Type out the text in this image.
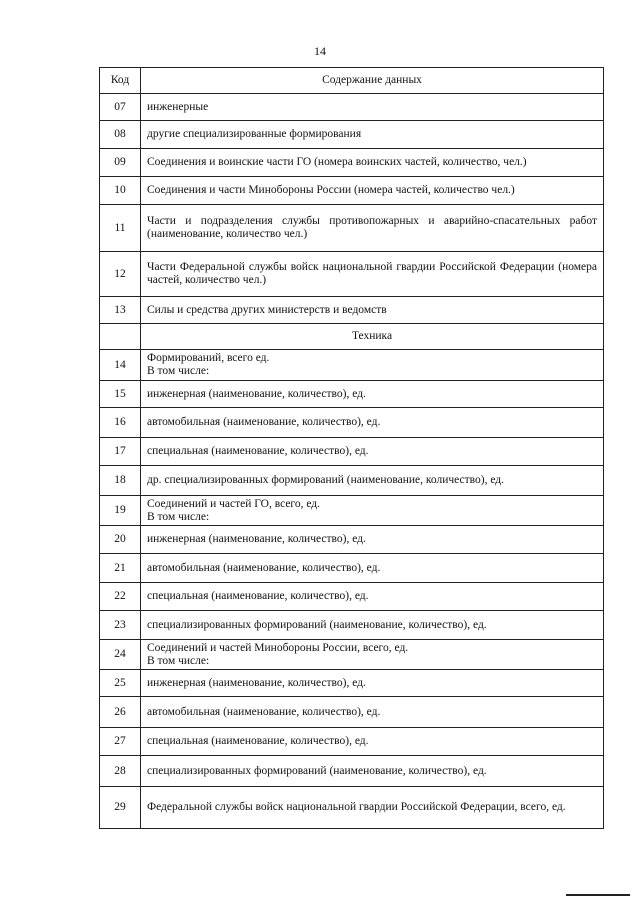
14
Код	Содержание данных
07	инженерные
08	другие специализированные формирования
09	Соединения и воинские части ГО (номера воинских частей, количество, чел.)
10	Соединения и части Минобороны России (номера частей, количество чел.)
11	Части и подразделения службы противопожарных и аварийно-спасательных работ (наименование, количество чел.)
12	Части Федеральной службы войск национальной гвардии Российской Федерации (номера частей, количество чел.)
13	Силы и средства других министерств и ведомств
	Техника
14	Формирований, всего ед.
В том числе:

15	инженерная (наименование, количество), ед.
16	автомобильная (наименование, количество), ед.
17	специальная (наименование, количество), ед.
18	др. специализированных формирований (наименование, количество), ед.
19	Соединений и частей ГО, всего, ед.
В том числе:

20	инженерная (наименование, количество), ед.
21	автомобильная (наименование, количество), ед.
22	специальная (наименование, количество), ед.
23	специализированных формирований (наименование, количество), ед.
24	Соединений и частей Минобороны России, всего, ед.
В том числе:

25	инженерная (наименование, количество), ед.
26	автомобильная (наименование, количество), ед.
27	специальная (наименование, количество), ед.
28	специализированных формирований (наименование, количество), ед.
29	Федеральной службы войск национальной гвардии Российской Федерации, всего, ед.
